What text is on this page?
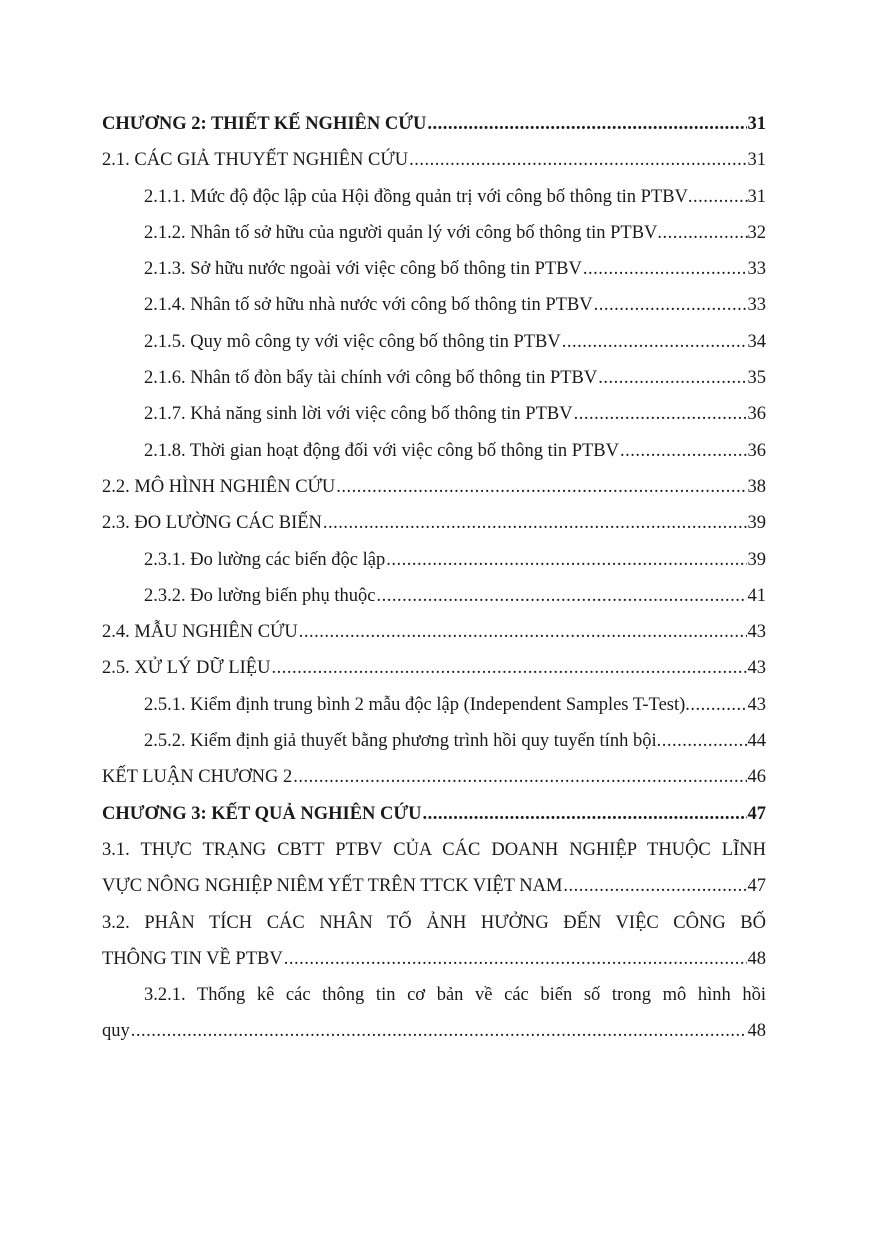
CHƯƠNG 2: THIẾT KẾ NGHIÊN CỨU .....	31
2.1. CÁC GIẢ THUYẾT NGHIÊN CỨU .....	31
2.1.1. Mức độ độc lập của Hội đồng quản trị với công bố thông tin PTBV .....	31
2.1.2. Nhân tố sở hữu của người quản lý với công bố thông tin PTBV .....	32
2.1.3. Sở hữu nước ngoài với việc công bố thông tin PTBV .....	33
2.1.4. Nhân tố sở hữu nhà nước với công bố thông tin PTBV .....	33
2.1.5. Quy mô công ty với việc công bố thông tin PTBV .....	34
2.1.6. Nhân tố đòn bẩy tài chính với công bố thông tin PTBV .....	35
2.1.7. Khả năng sinh lời với việc công bố thông tin PTBV .....	36
2.1.8. Thời gian hoạt động đối với việc công bố thông tin PTBV .....	36
2.2. MÔ HÌNH NGHIÊN CỨU .....	38
2.3. ĐO LƯỜNG CÁC BIẾN .....	39
2.3.1. Đo lường các biến độc lập .....	39
2.3.2. Đo lường biến phụ thuộc .....	41
2.4. MẪU NGHIÊN CỨU .....	43
2.5. XỬ LÝ DỮ LIỆU .....	43
2.5.1. Kiểm định trung bình 2 mẫu độc lập (Independent Samples T-Test) .....	43
2.5.2. Kiểm định giả thuyết bằng phương trình hồi quy tuyến tính bội .....	44
KẾT LUẬN CHƯƠNG 2 .....	46
CHƯƠNG 3: KẾT QUẢ NGHIÊN CỨU .....	47
3.1. THỰC TRẠNG CBTT PTBV CỦA CÁC DOANH NGHIỆP THUỘC LĨNH
VỰC NÔNG NGHIỆP NIÊM YẾT TRÊN TTCK VIỆT NAM .....	47
3.2. PHÂN TÍCH CÁC NHÂN TỐ ẢNH HƯỞNG ĐẾN VIỆC CÔNG BỐ
THÔNG TIN VỀ PTBV .....	48
3.2.1. Thống kê các thông tin cơ bản về các biến số trong mô hình hồi
quy .....	48
